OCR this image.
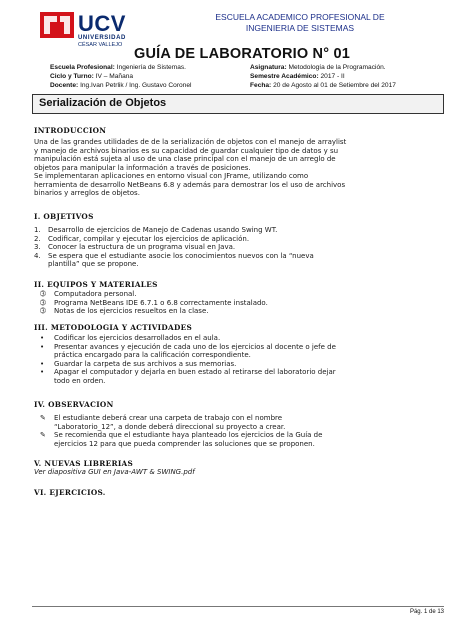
UCV
UNIVERSIDAD
CÉSAR VALLEJO
ESCUELA ACADEMICO PROFESIONAL DE
INGENIERIA DE SISTEMAS
GUÍA DE LABORATORIO N° 01
Escuela Profesional: Ingeniería de Sistemas.	Asignatura: Metodología de la Programación.
Ciclo y Turno: IV – Mañana	Semestre Académico: 2017 - II
Docente: Ing.Ivan Petrlik / Ing. Gustavo Coronel	Fecha: 20 de Agosto al 01 de Setiembre del 2017
Serialización de Objetos
INTRODUCCION
Una de las grandes utilidades de de la serialización de objetos con el manejo de arraylist
y manejo de archivos binarios es su capacidad de guardar cualquier tipo de datos y su
manipulación está sujeta al uso de una clase principal con el manejo de un arreglo de
objetos para manipular la información a través de posiciones.
Se implementaran aplicaciones en entorno visual con JFrame, utilizando como
herramienta de desarrollo NetBeans 6.8 y además para demostrar los el uso de archivos
binarios y arreglos de objetos.
I. OBJETIVOS
1. Desarrollo de ejercicios de Manejo de Cadenas usando Swing WT.
2. Codificar, compilar y ejecutar los ejercicios de aplicación.
3. Conocer la estructura de un programa visual en Java.
4. Se espera que el estudiante asocie los conocimientos nuevos con la “nueva
plantilla” que se propone.
II. EQUIPOS Y MATERIALES
➂ Computadora personal.
➂ Programa NetBeans IDE 6.7.1 o 6.8 correctamente instalado.
➂ Notas de los ejercicios resueltos en la clase.
III. METODOLOGIA Y ACTIVIDADES
• Codificar los ejercicios desarrollados en el aula.
• Presentar avances y ejecución de cada uno de los ejercicios al docente o jefe de
práctica encargado para la calificación correspondiente.
• Guardar la carpeta de sus archivos a sus memorias.
• Apagar el computador y dejarla en buen estado al retirarse del laboratorio dejar
todo en orden.
IV. OBSERVACION
✎ El estudiante deberá crear una carpeta de trabajo con el nombre
“Laboratorio_12”, a donde deberá direccional su proyecto a crear.
✎ Se recomienda que el estudiante haya planteado los ejercicios de la Guía de
ejercicios 12 para que pueda comprender las soluciones que se proponen.
V. NUEVAS LIBRERIAS
Ver diapositiva GUI en Java-AWT & SWING.pdf
VI. EJERCICIOS.
Pág. 1 de 13
